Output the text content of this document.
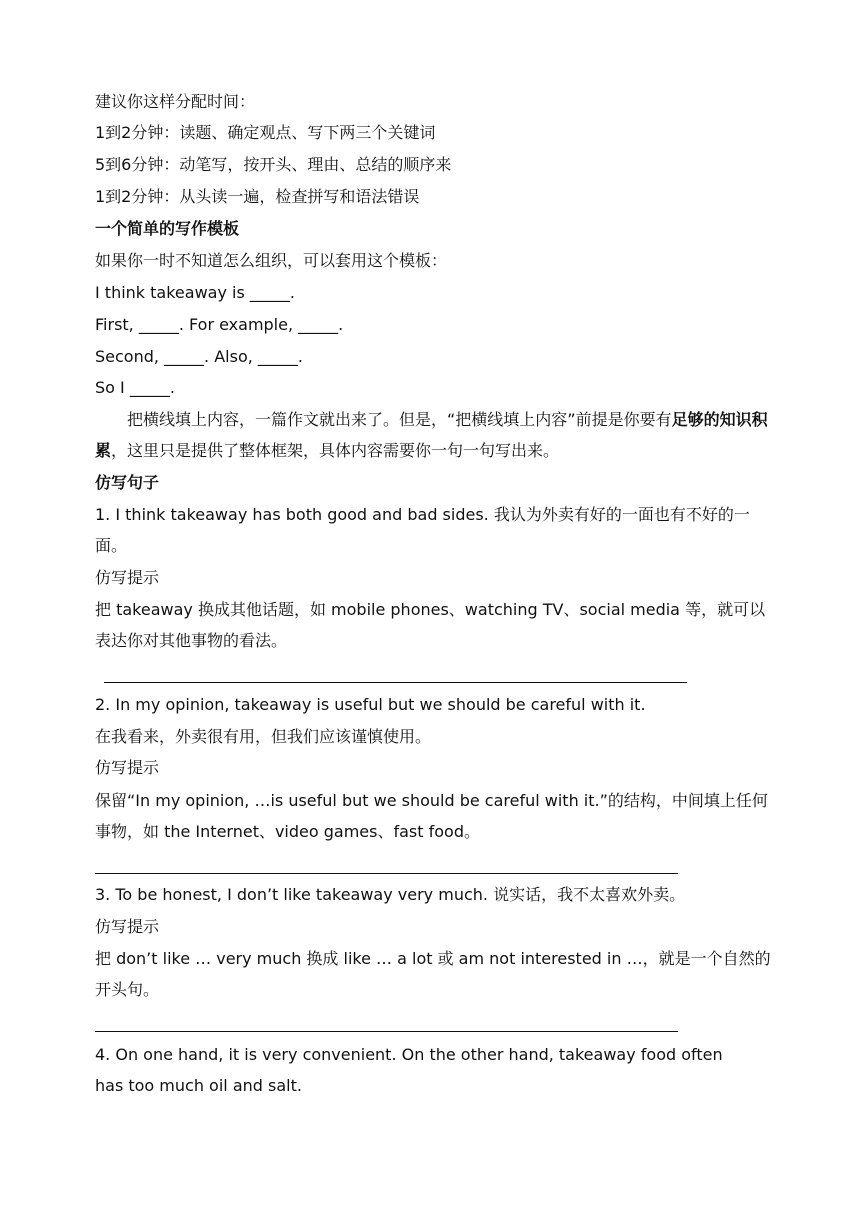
建议你这样分配时间：
1到2分钟：读题、确定观点、写下两三个关键词
5到6分钟：动笔写，按开头、理由、总结的顺序来
1到2分钟：从头读一遍，检查拼写和语法错误
一个简单的写作模板
如果你一时不知道怎么组织，可以套用这个模板：
I think takeaway is _____.
First, _____. For example, _____.
Second, _____. Also, _____.
So I _____.
把横线填上内容，一篇作文就出来了。但是，“把横线填上内容”前提是你要有足够的知识积累，这里只是提供了整体框架，具体内容需要你一句一句写出来。
仿写句子
1. I think takeaway has both good and bad sides. 我认为外卖有好的一面也有不好的一面。
仿写提示
把 takeaway 换成其他话题，如 mobile phones、watching TV、social media 等，就可以表达你对其他事物的看法。
2. In my opinion, takeaway is useful but we should be careful with it.
在我看来，外卖很有用，但我们应该谨慎使用。
仿写提示
保留“In my opinion, …is useful but we should be careful with it.”的结构，中间填上任何事物，如 the Internet、video games、fast food。
3. To be honest, I don’t like takeaway very much. 说实话，我不太喜欢外卖。
仿写提示
把 don’t like … very much 换成 like … a lot 或 am not interested in …，就是一个自然的开头句。
4. On one hand, it is very convenient. On the other hand, takeaway food often has too much oil and salt.
